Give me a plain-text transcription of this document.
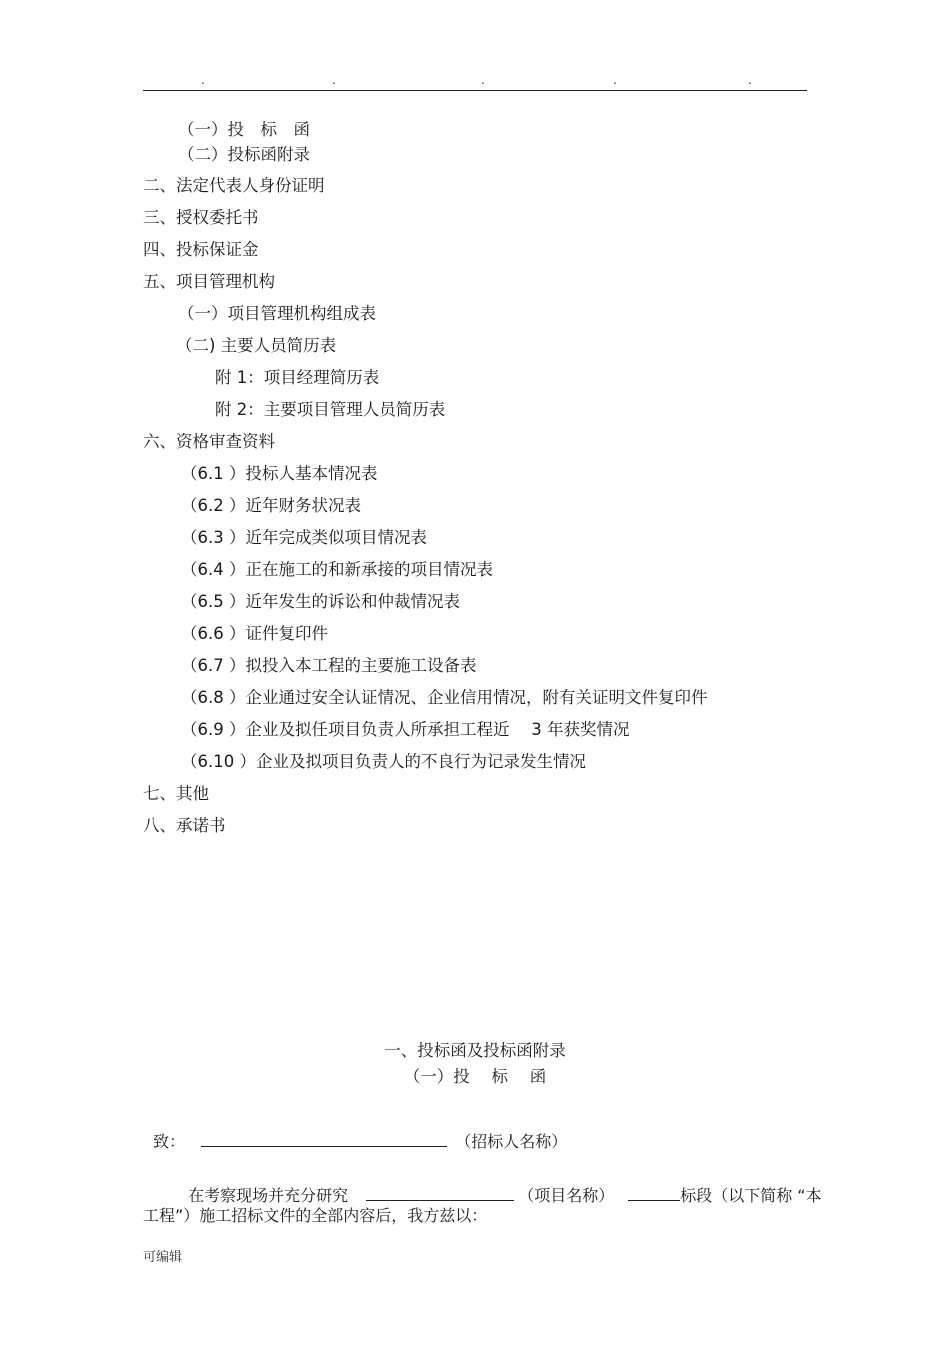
.	.	.	.	.
（一）投　标　函
（二）投标函附录
二、法定代表人身份证明
三、授权委托书
四、投标保证金
五、项目管理机构
（一）项目管理机构组成表
（二) 主要人员简历表
附 1：项目经理简历表
附 2：主要项目管理人员简历表
六、资格审查资料
（6.1 ）投标人基本情况表
（6.2 ）近年财务状况表
（6.3 ）近年完成类似项目情况表
（6.4 ）正在施工的和新承接的项目情况表
（6.5 ）近年发生的诉讼和仲裁情况表
（6.6 ）证件复印件
（6.7 ）拟投入本工程的主要施工设备表
（6.8 ）企业通过安全认证情况、企业信用情况，附有关证明文件复印件
（6.9 ）企业及拟任项目负责人所承担工程近 　3 年获奖情况
（6.10 ）企业及拟项目负责人的不良行为记录发生情况
七、其他
八、承诺书
一、投标函及投标函附录
（一）投　 标　 函

致：	（招标人名称）

在考察现场并充分研究	（项目名称）	标段（以下简称 “本

工程”）施工招标文件的全部内容后，我方兹以：
可编辑
